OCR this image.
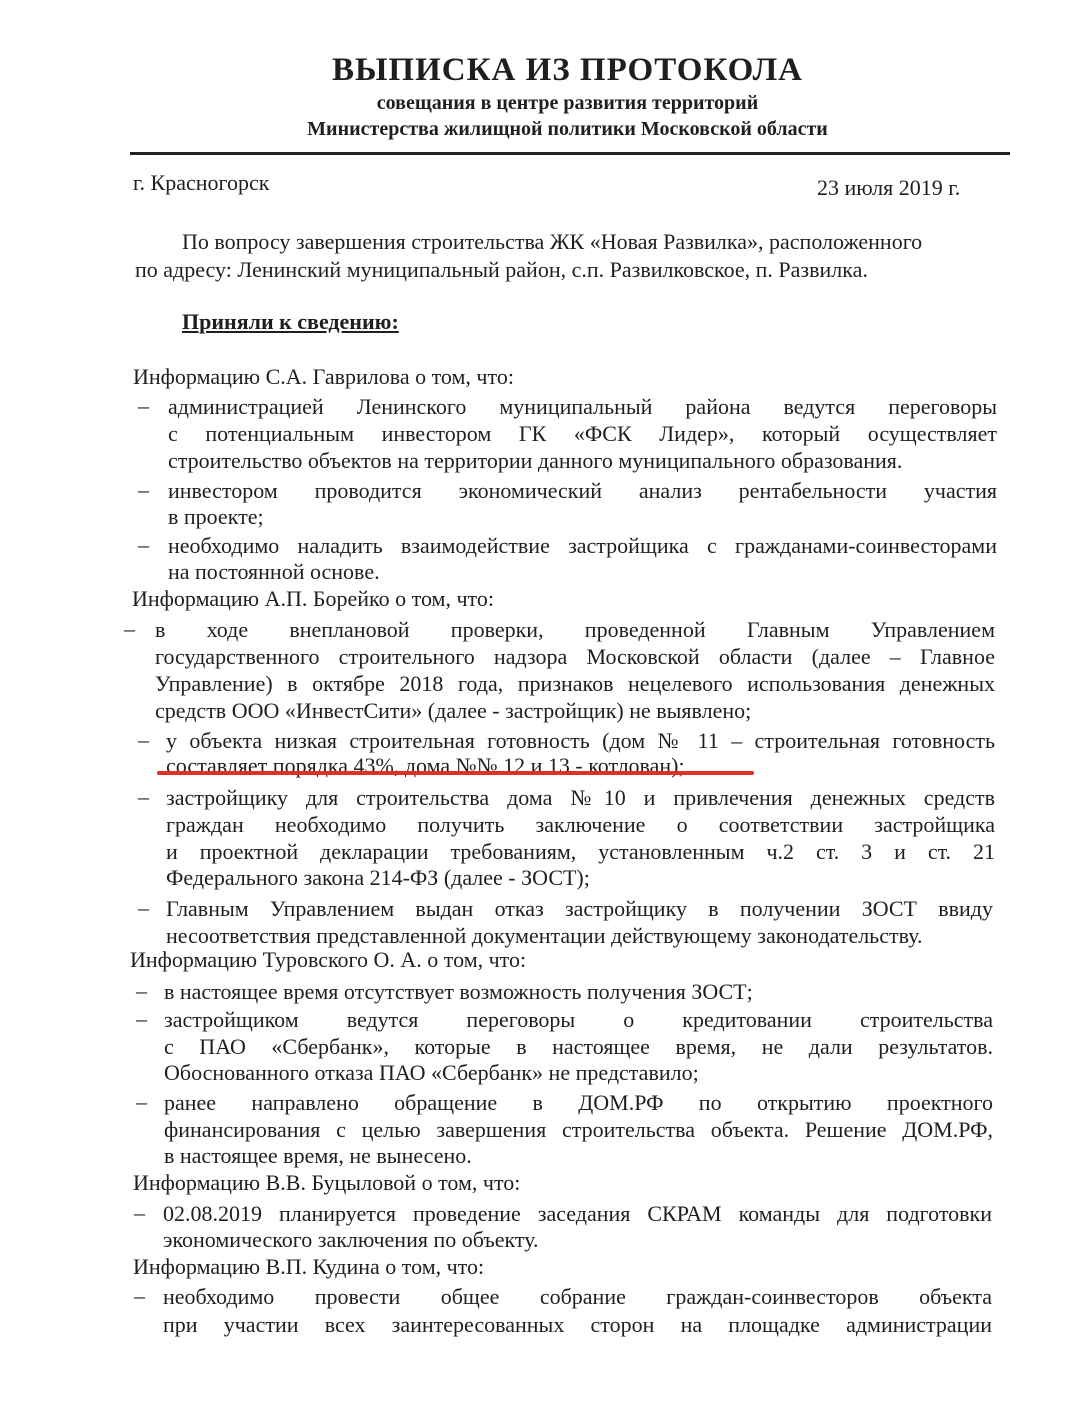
ВЫПИСКА ИЗ ПРОТОКОЛА
совещания в центре развития территорий
Министерства жилищной политики Московской области
г. Красногорск	23 июля 2019 г.
По вопросу завершения строительства ЖК «Новая Развилка», расположенного
по адресу: Ленинский муниципальный район, с.п. Развилковское, п. Развилка.
Приняли к сведению:
Информацию С.А. Гаврилова о том, что:
– администрацией Ленинского муниципальный района ведутся переговоры
с потенциальным инвестором ГК «ФСК Лидер», который осуществляет
строительство объектов на территории данного муниципального образования.
– инвестором проводится экономический анализ рентабельности участия
в проекте;
– необходимо наладить взаимодействие застройщика с гражданами-соинвесторами
на постоянной основе.
Информацию А.П. Борейко о том, что:
– в ходе внеплановой проверки, проведенной Главным Управлением
государственного строительного надзора Московской области (далее – Главное
Управление) в октябре 2018 года, признаков нецелевого использования денежных
средств ООО «ИнвестСити» (далее - застройщик) не выявлено;
– у объекта низкая строительная готовность (дом № 11 – строительная готовность
составляет порядка 43%, дома №№ 12 и 13 - котлован);
– застройщику для строительства дома №10 и привлечения денежных средств
граждан необходимо получить заключение о соответствии застройщика
и проектной декларации требованиям, установленным ч.2 ст. 3 и ст. 21
Федерального закона 214-ФЗ (далее - ЗОСТ);
– Главным Управлением выдан отказ застройщику в получении ЗОСТ ввиду
несоответствия представленной документации действующему законодательству.
Информацию Туровского О. А. о том, что:
– в настоящее время отсутствует возможность получения ЗОСТ;
– застройщиком ведутся переговоры о кредитовании строительства
с ПАО «Сбербанк», которые в настоящее время, не дали результатов.
Обоснованного отказа ПАО «Сбербанк» не представило;
– ранее направлено обращение в ДОМ.РФ по открытию проектного
финансирования с целью завершения строительства объекта. Решение ДОМ.РФ,
в настоящее время, не вынесено.
Информацию В.В. Буцыловой о том, что:
– 02.08.2019 планируется проведение заседания СКРАМ команды для подготовки
экономического заключения по объекту.
Информацию В.П. Кудина о том, что:
– необходимо провести общее собрание граждан-соинвесторов объекта
при участии всех заинтересованных сторон на площадке администрации
